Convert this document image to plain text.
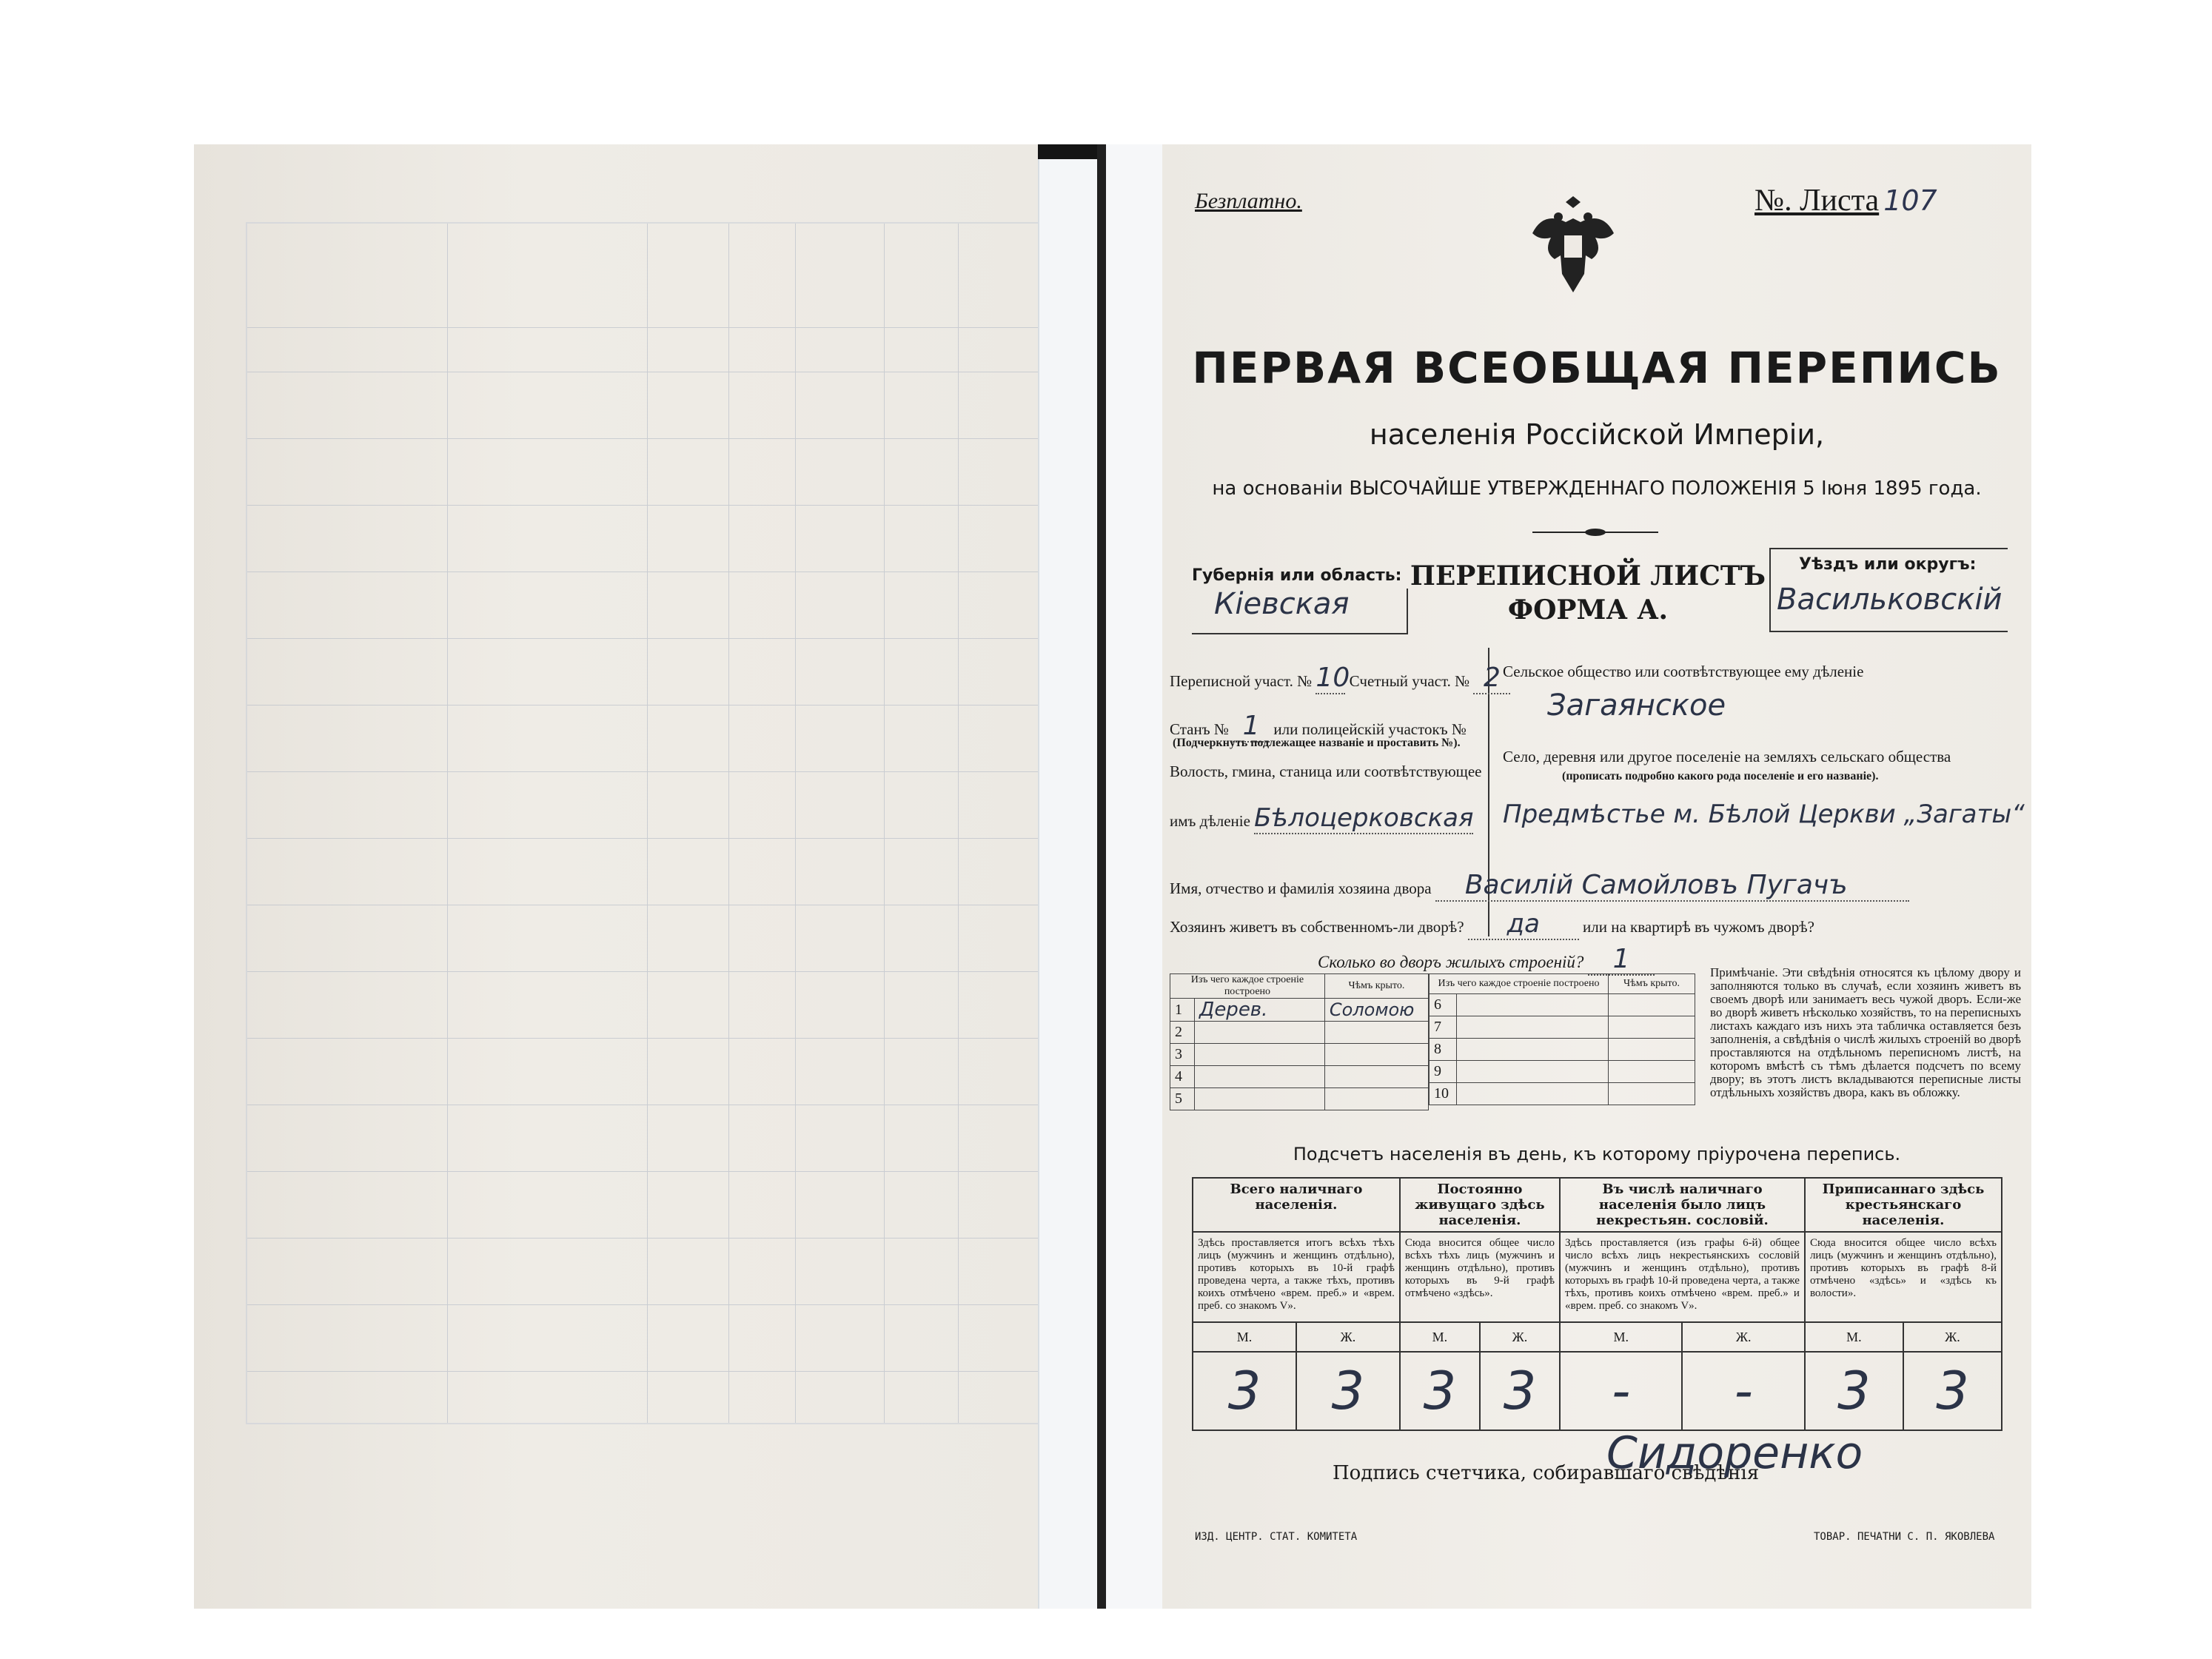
Безплатно.	№. Листа 107
ПЕРВАЯ ВСЕОБЩАЯ ПЕРЕПИСЬ
населенія Россійской Имперіи,
на основаніи ВЫСОЧАЙШЕ УТВЕРЖДЕННАГО ПОЛОЖЕНІЯ 5 Іюня 1895 года.
Губернія или область:
Кіевская
ПЕРЕПИСНОЙ ЛИСТЪ
ФОРМА А.
Уѣздъ или округъ:
Васильковскій
Переписной участ. № 10 Счетный участ. № 2
Станъ № 1 или полицейскій участокъ №
(Подчеркнуть подлежащее названіе и проставить №).
Волость, гмина, станица или соотвѣтствующее
имъ дѣленіе Бѣлоцерковская
Сельское общество или соотвѣтствующее ему дѣленіе
Загаянское
Село, деревня или другое поселеніе на земляхъ сельскаго общества
(прописать подробно какого рода поселеніе и его названіе).
Предмѣстье м. Бѣлой Церкви „Загаты“
Имя, отчество и фамилія хозяина двора Василій Самойловъ Пугачъ
Хозяинъ живетъ въ собственномъ-ли дворѣ? да	или на квартирѣ въ чужомъ дворѣ?
Сколько во дворъ жилыхъ строеній? 1
Изъ чего каждое строеніе построено		Чѣмъ крыто.
1	Дерев.	Соломою
2		
3		
4		
5		
Изъ чего каждое строеніе построено		Чѣмъ крыто.
6		
7		
8		
9		
10		
Примѣчаніе. Эти свѣдѣнія относятся къ цѣлому двору и заполняются только въ случаѣ, если хозяинъ живетъ въ своемъ дворѣ или занимаетъ весь чужой дворъ. Если-же во дворѣ живетъ нѣсколько хозяйствъ, то на переписныхъ листахъ каждаго изъ нихъ эта табличка оставляется безъ заполненія, а свѣдѣнія о числѣ жилыхъ строеній во дворѣ проставляются на отдѣльномъ переписномъ листѣ, на которомъ вмѣстѣ съ тѣмъ дѣлается подсчетъ по всему двору; въ этотъ листъ вкладываются переписные листы отдѣльныхъ хозяйствъ двора, какъ въ обложку.
Подсчетъ населенія въ день, къ которому пріурочена перепись.
Всего наличнаго населенія.		Постоянно живущаго здѣсь населенія.		Въ числѣ наличнаго населенія было лицъ некрестьян. сословій.		Приписаннаго здѣсь крестьянскаго населенія.	
Здѣсь проставляется итогъ всѣхъ тѣхъ лицъ (мужчинъ и женщинъ отдѣльно), противъ которыхъ въ 10-й графѣ проведена черта, а также тѣхъ, противъ коихъ отмѣчено «врем. преб.» и «врем. преб. со знакомъ V».		Сюда вносится общее число всѣхъ тѣхъ лицъ (мужчинъ и женщинъ отдѣльно), противъ которыхъ въ 9-й графѣ отмѣчено «здѣсь».		Здѣсь проставляется (изъ графы 6-й) общее число всѣхъ лицъ некрестьянскихъ сословій (мужчинъ и женщинъ отдѣльно), противъ которыхъ въ графѣ 10-й проведена черта, а также тѣхъ, противъ коихъ отмѣчено «врем. преб.» и «врем. преб. со знакомъ V».		Сюда вносится общее число всѣхъ лицъ (мужчинъ и женщинъ отдѣльно), противъ которыхъ въ графѣ 8-й отмѣчено «здѣсь» и «здѣсь къ волости».	
М.	Ж.	М.	Ж.	М.	Ж.	М.	Ж.
3	3	3	3	-	-	3	3
Подпись счетчика, собиравшаго свѣдѣнія
Сидоренко
ИЗД. ЦЕНТР. СТАТ. КОМИТЕТА	ТОВАР. ПЕЧАТНИ С. П. ЯКОВЛЕВА
